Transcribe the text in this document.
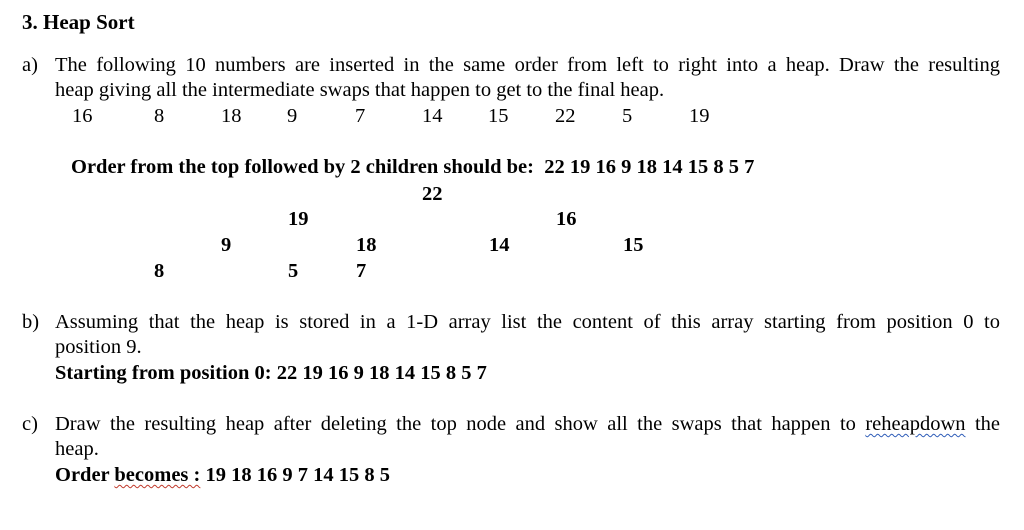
3. Heap Sort
a) The following 10 numbers are inserted in the same order from left to right into a heap. Draw the resulting
heap giving all the intermediate swaps that happen to get to the final heap.
16	8	18 9	7	14 15 22 5	19
Order from the top followed by 2 children should be:  22 19 16 9 18 14 15 8 5 7
22
19	16
9	18	14	15
8	5	7
b) Assuming that the heap is stored in a 1-D array list the content of this array starting from position 0 to
position 9.
Starting from position 0: 22 19 16 9 18 14 15 8 5 7
c) Draw the resulting heap after deleting the top node and show all the swaps that happen to reheapdown the
heap.
Order becomes : 19 18 16 9 7 14 15 8 5
